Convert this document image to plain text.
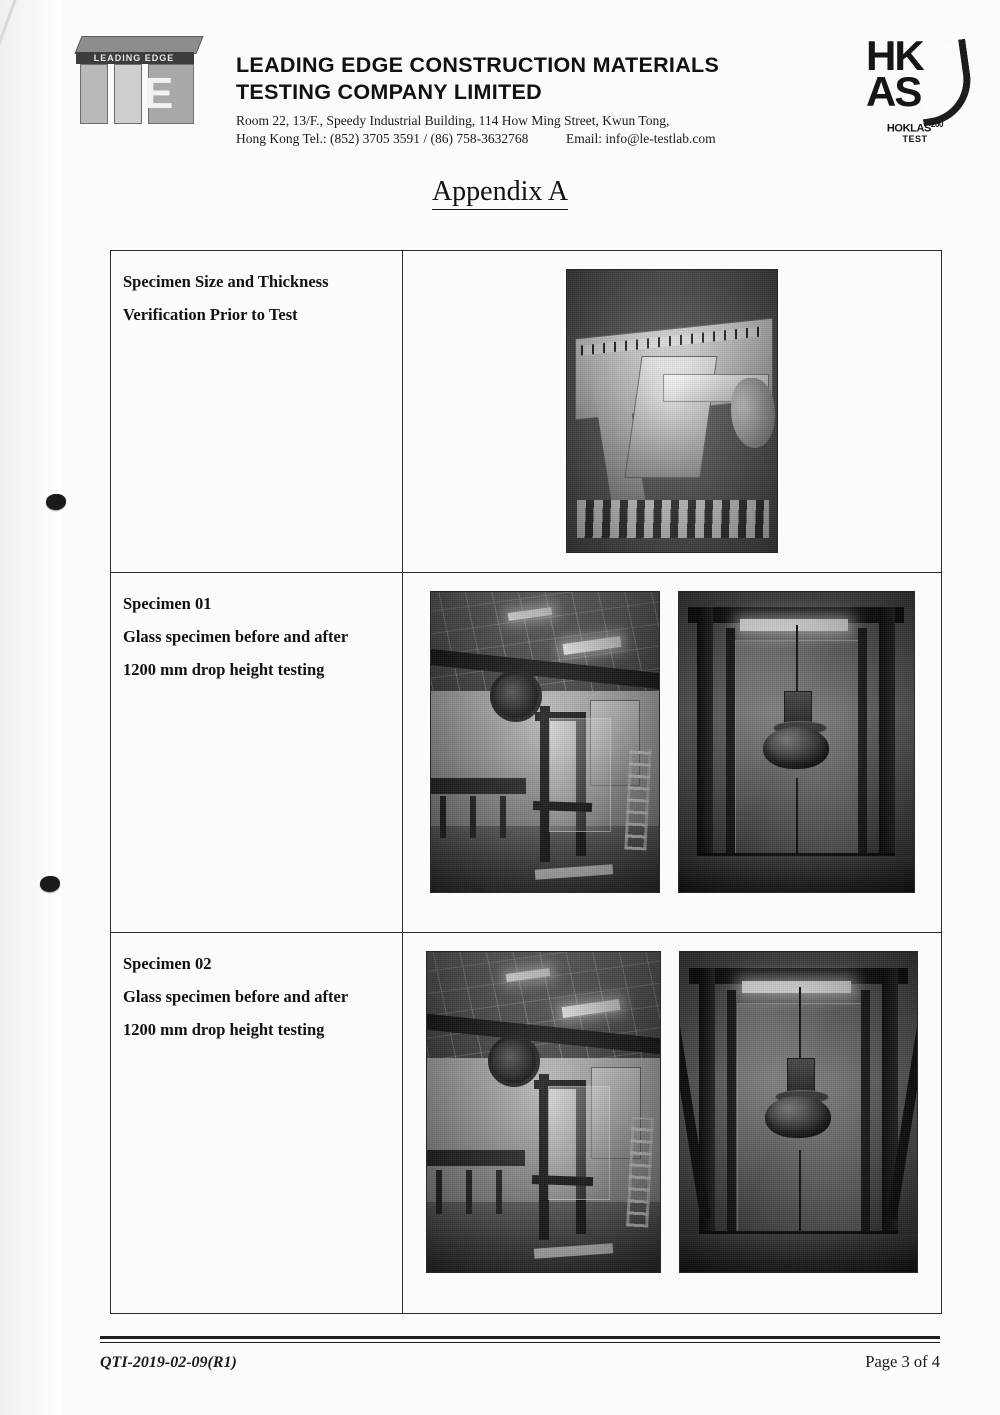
LEADING EDGE
E
LEADING EDGE CONSTRUCTION MATERIALS
TESTING COMPANY LIMITED
Room 22, 13/F., Speedy Industrial Building, 114 How Ming Street, Kwun Tong,
Hong Kong Tel.: (852) 3705 3591 / (86) 758-3632768	Email: info@le-testlab.com
HK
AS
HOKLAS$^{200}$
TEST
Appendix A
Specimen Size and Thickness
Verification Prior to Test
Specimen 01
Glass specimen before and after
1200 mm drop height testing
Specimen 02
Glass specimen before and after
1200 mm drop height testing
QTI-2019-02-09(R1)	Page 3 of 4
